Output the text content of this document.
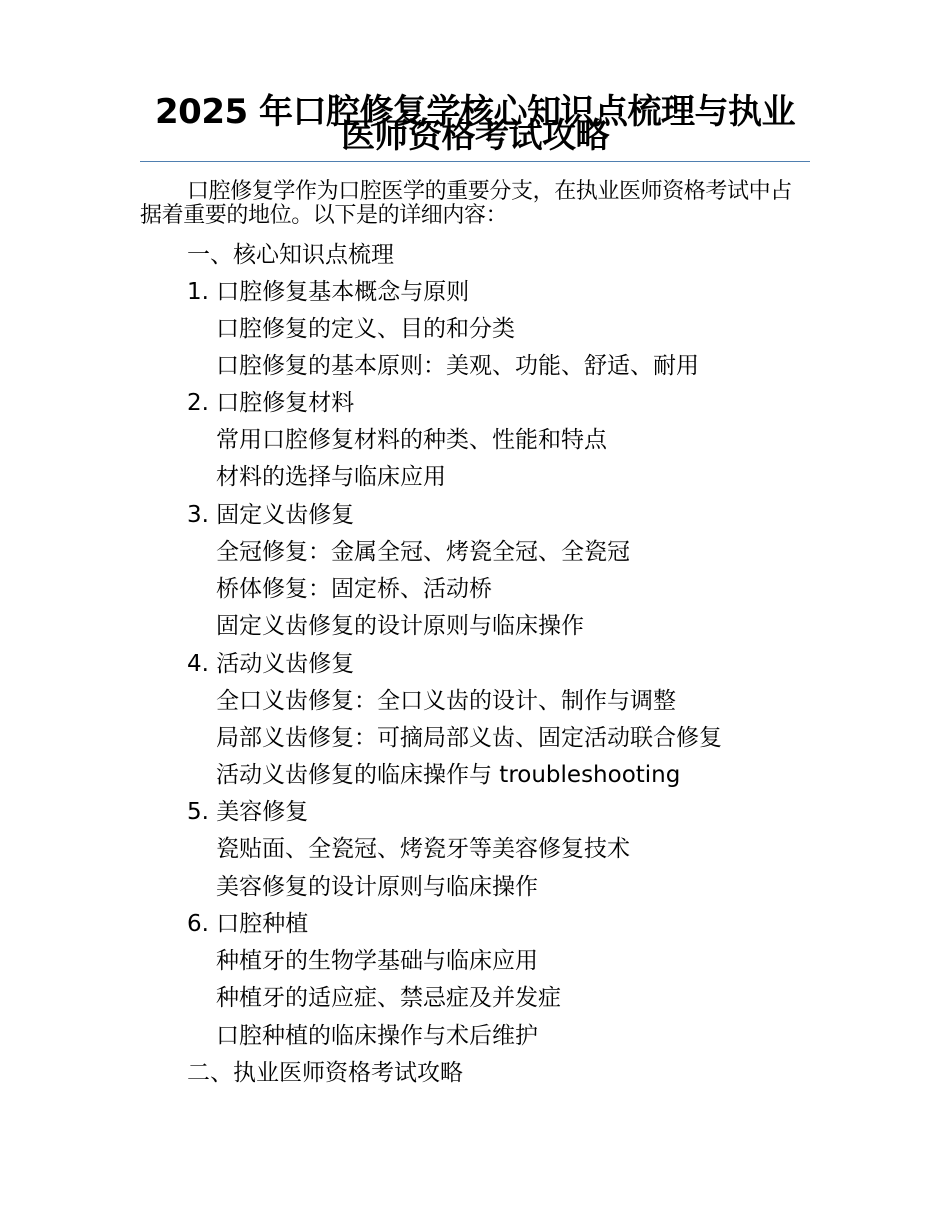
2025 年口腔修复学核心知识点梳理与执业医师资格考试攻略
口腔修复学作为口腔医学的重要分支，在执业医师资格考试中占据着重要的地位。以下是的详细内容：
一、核心知识点梳理
1. 口腔修复基本概念与原则
口腔修复的定义、目的和分类
口腔修复的基本原则：美观、功能、舒适、耐用
2. 口腔修复材料
常用口腔修复材料的种类、性能和特点
材料的选择与临床应用
3. 固定义齿修复
全冠修复：金属全冠、烤瓷全冠、全瓷冠
桥体修复：固定桥、活动桥
固定义齿修复的设计原则与临床操作
4. 活动义齿修复
全口义齿修复：全口义齿的设计、制作与调整
局部义齿修复：可摘局部义齿、固定活动联合修复
活动义齿修复的临床操作与 troubleshooting
5. 美容修复
瓷贴面、全瓷冠、烤瓷牙等美容修复技术
美容修复的设计原则与临床操作
6. 口腔种植
种植牙的生物学基础与临床应用
种植牙的适应症、禁忌症及并发症
口腔种植的临床操作与术后维护
二、执业医师资格考试攻略
